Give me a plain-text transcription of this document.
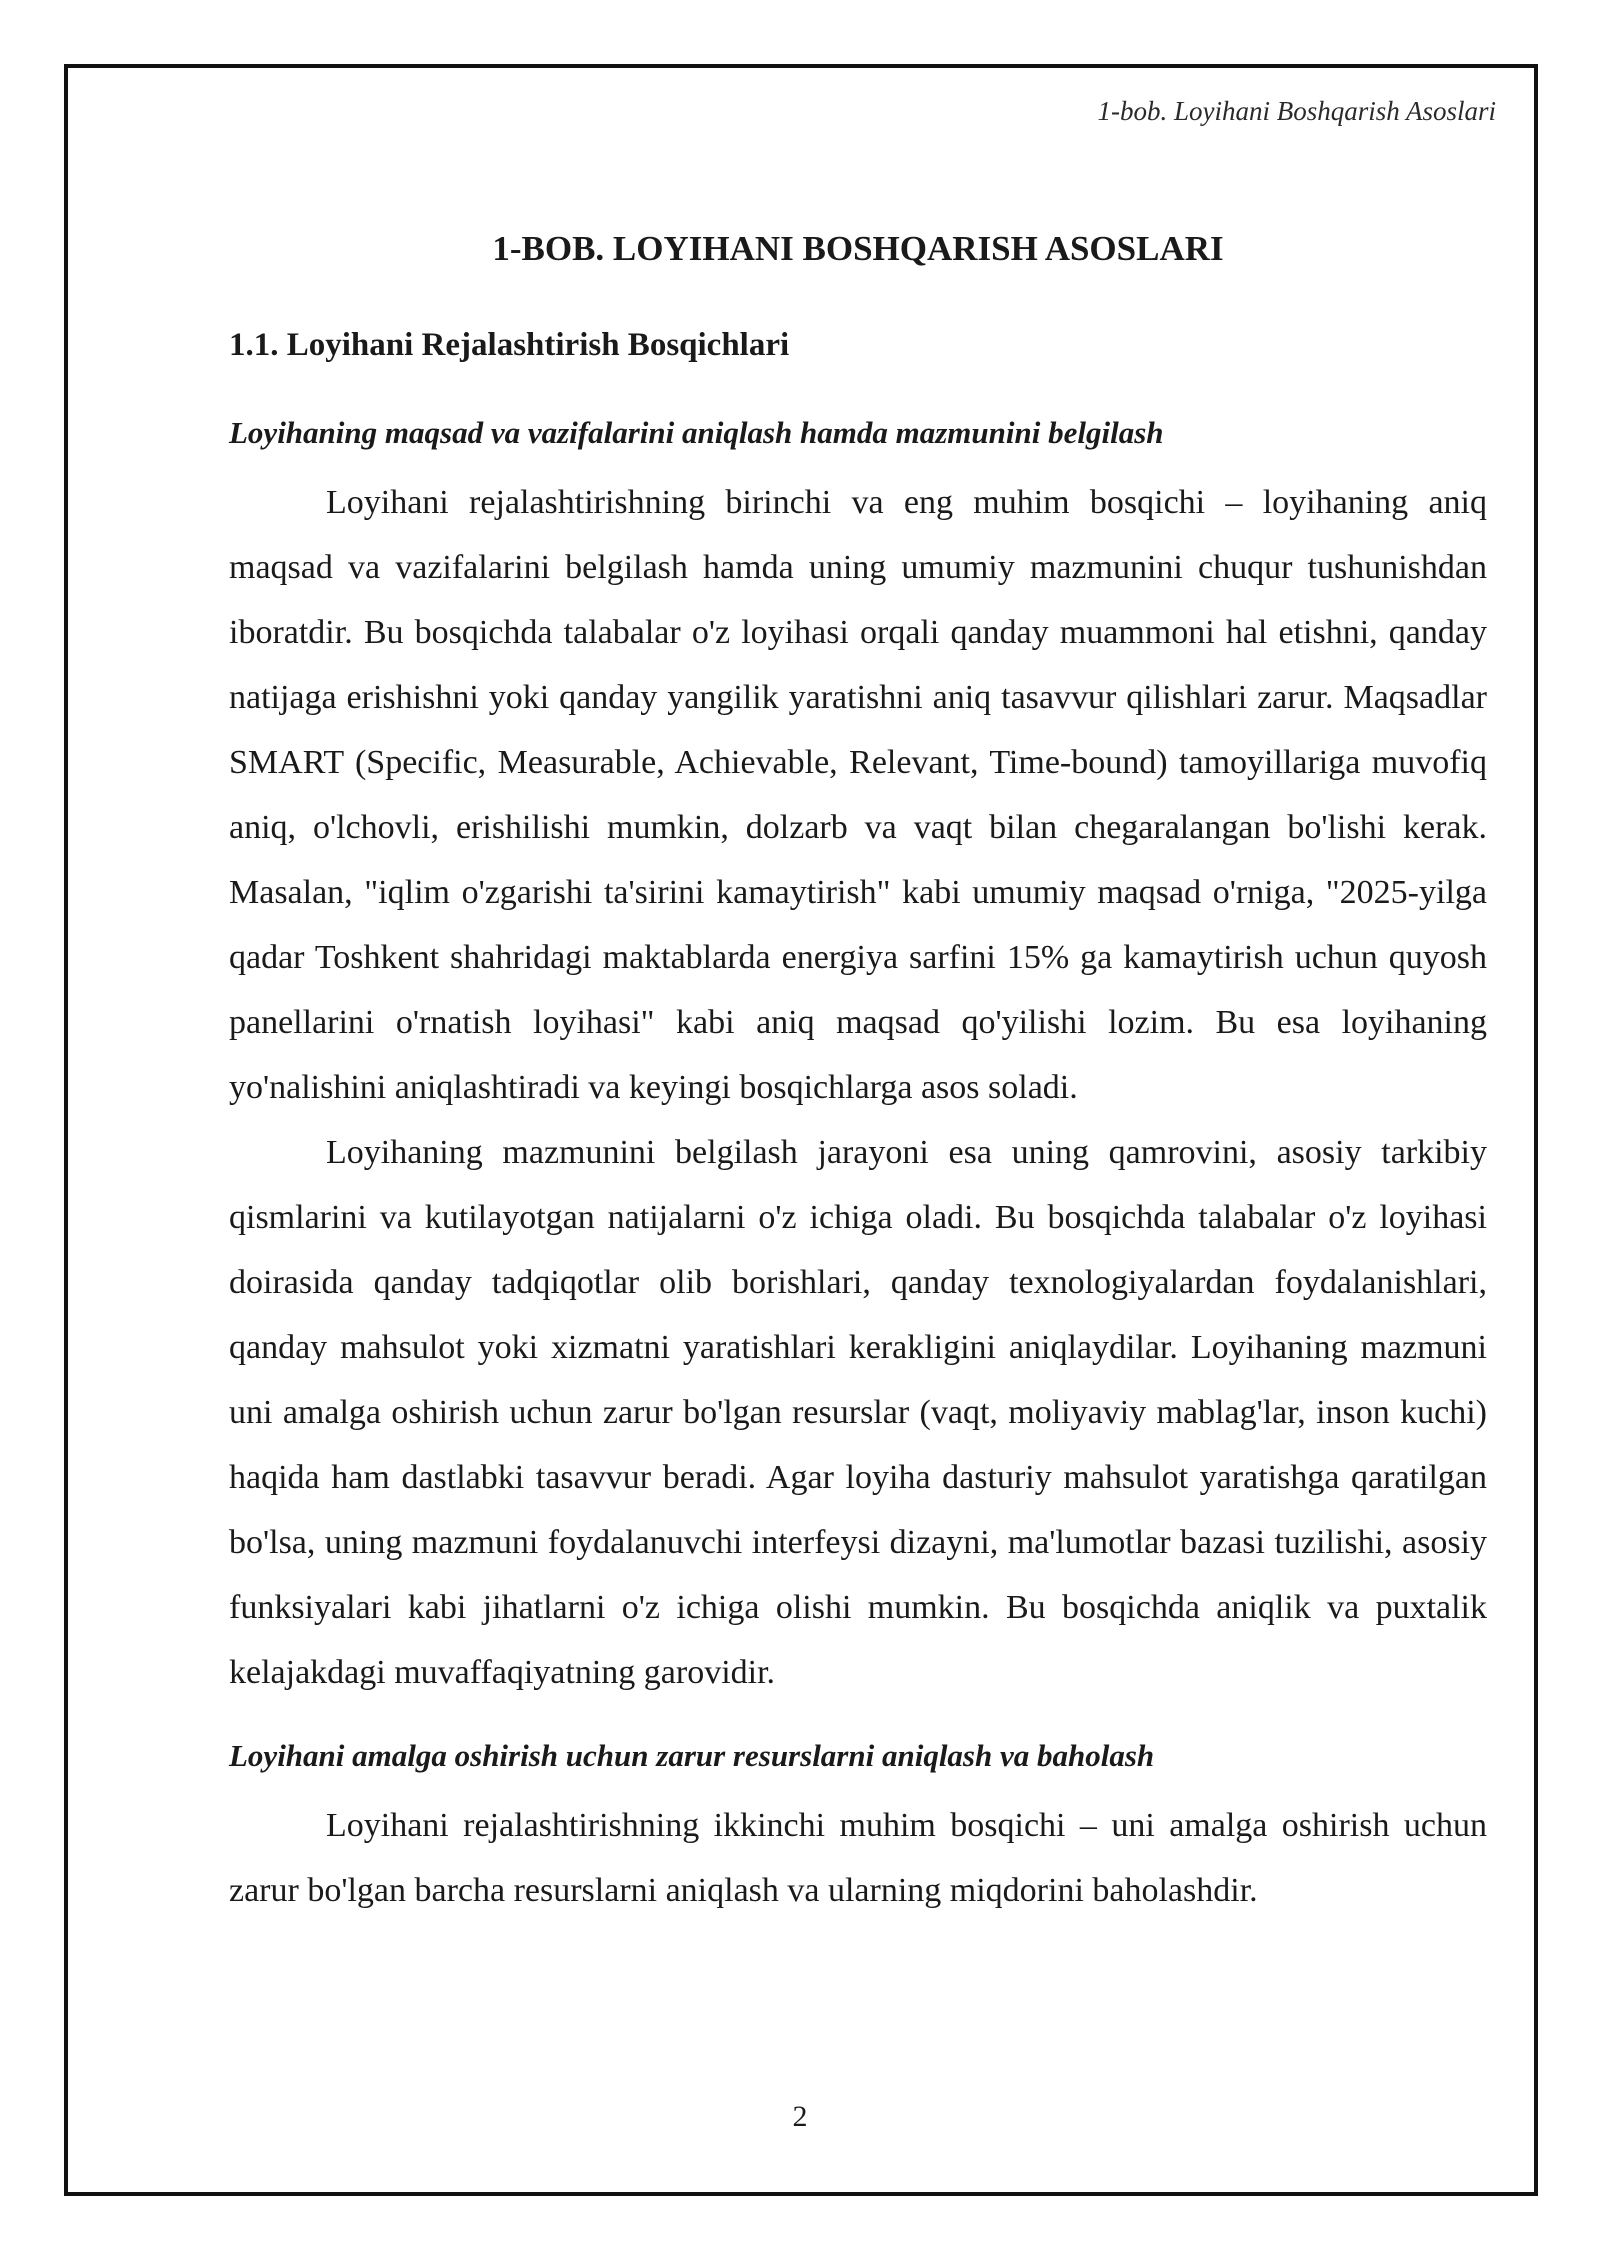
1-bob. Loyihani Boshqarish Asoslari
1-BOB. LOYIHANI BOSHQARISH ASOSLARI
1.1. Loyihani Rejalashtirish Bosqichlari
Loyihaning maqsad va vazifalarini aniqlash hamda mazmunini belgilash

Loyihani rejalashtirishning birinchi va eng muhim bosqichi – loyihaning aniq maqsad va vazifalarini belgilash hamda uning umumiy mazmunini chuqur tushunishdan iboratdir. Bu bosqichda talabalar o'z loyihasi orqali qanday muammoni hal etishni, qanday natijaga erishishni yoki qanday yangilik yaratishni aniq tasavvur qilishlari zarur. Maqsadlar SMART (Specific, Measurable, Achievable, Relevant, Time-bound) tamoyillariga muvofiq aniq, o'lchovli, erishilishi mumkin, dolzarb va vaqt bilan chegaralangan bo'lishi kerak. Masalan, "iqlim o'zgarishi ta'sirini kamaytirish" kabi umumiy maqsad o'rniga, "2025-yilga qadar Toshkent shahridagi maktablarda energiya sarfini 15% ga kamaytirish uchun quyosh panellarini o'rnatish loyihasi" kabi aniq maqsad qo'yilishi lozim. Bu esa loyihaning yo'nalishini aniqlashtiradi va keyingi bosqichlarga asos soladi.

Loyihaning mazmunini belgilash jarayoni esa uning qamrovini, asosiy tarkibiy qismlarini va kutilayotgan natijalarni o'z ichiga oladi. Bu bosqichda talabalar o'z loyihasi doirasida qanday tadqiqotlar olib borishlari, qanday texnologiyalardan foydalanishlari, qanday mahsulot yoki xizmatni yaratishlari kerakligini aniqlaydilar. Loyihaning mazmuni uni amalga oshirish uchun zarur bo'lgan resurslar (vaqt, moliyaviy mablag'lar, inson kuchi) haqida ham dastlabki tasavvur beradi. Agar loyiha dasturiy mahsulot yaratishga qaratilgan bo'lsa, uning mazmuni foydalanuvchi interfeysi dizayni, ma'lumotlar bazasi tuzilishi, asosiy funksiyalari kabi jihatlarni o'z ichiga olishi mumkin. Bu bosqichda aniqlik va puxtalik kelajakdagi muvaffaqiyatning garovidir.

Loyihani amalga oshirish uchun zarur resurslarni aniqlash va baholash

Loyihani rejalashtirishning ikkinchi muhim bosqichi – uni amalga oshirish uchun zarur bo'lgan barcha resurslarni aniqlash va ularning miqdorini baholashdir.

2
